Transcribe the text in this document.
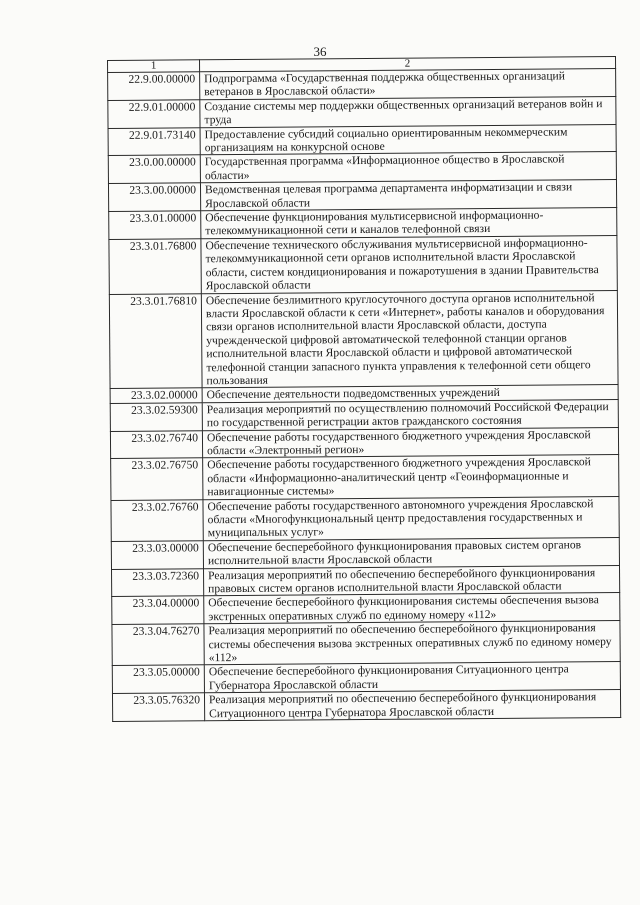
36
1	2
22.9.00.00000	Подпрограмма «Государственная поддержка общественных организаций ветеранов в Ярославской области»
22.9.01.00000	Создание системы мер поддержки общественных организаций ветеранов войн и труда
22.9.01.73140	Предоставление субсидий социально ориентированным некоммерческим организациям на конкурсной основе
23.0.00.00000	Государственная программа «Информационное общество в Ярославской области»
23.3.00.00000	Ведомственная целевая программа департамента информатизации и связи Ярославской области
23.3.01.00000	Обеспечение функционирования мультисервисной информационно-телекоммуникационной сети и каналов телефонной связи
23.3.01.76800	Обеспечение технического обслуживания мультисервисной информационно-телекоммуникационной сети органов исполнительной власти Ярославской области, систем кондиционирования и пожаротушения в здании Правительства Ярославской области
23.3.01.76810	Обеспечение безлимитного круглосуточного доступа органов исполнительной власти Ярославской области к сети «Интернет», работы каналов и оборудования связи органов исполнительной власти Ярославской области, доступа учрежденческой цифровой автоматической телефонной станции органов исполнительной власти Ярославской области и цифровой автоматической телефонной станции запасного пункта управления к телефонной сети общего пользования
23.3.02.00000	Обеспечение деятельности подведомственных учреждений
23.3.02.59300	Реализация мероприятий по осуществлению полномочий Российской Федерации по государственной регистрации актов гражданского состояния
23.3.02.76740	Обеспечение работы государственного бюджетного учреждения Ярославской области «Электронный регион»
23.3.02.76750	Обеспечение работы государственного бюджетного учреждения Ярославской области «Информационно-аналитический центр «Геоинформационные и навигационные системы»
23.3.02.76760	Обеспечение работы государственного автономного учреждения Ярославской области «Многофункциональный центр предоставления государственных и муниципальных услуг»
23.3.03.00000	Обеспечение бесперебойного функционирования правовых систем органов исполнительной власти Ярославской области
23.3.03.72360	Реализация мероприятий по обеспечению бесперебойного функционирования правовых систем органов исполнительной власти Ярославской области
23.3.04.00000	Обеспечение бесперебойного функционирования системы обеспечения вызова экстренных оперативных служб по единому номеру «112»
23.3.04.76270	Реализация мероприятий по обеспечению бесперебойного функционирования системы обеспечения вызова экстренных оперативных служб по единому номеру «112»
23.3.05.00000	Обеспечение бесперебойного функционирования Ситуационного центра Губернатора Ярославской области
23.3.05.76320	Реализация мероприятий по обеспечению бесперебойного функционирования Ситуационного центра Губернатора Ярославской области
